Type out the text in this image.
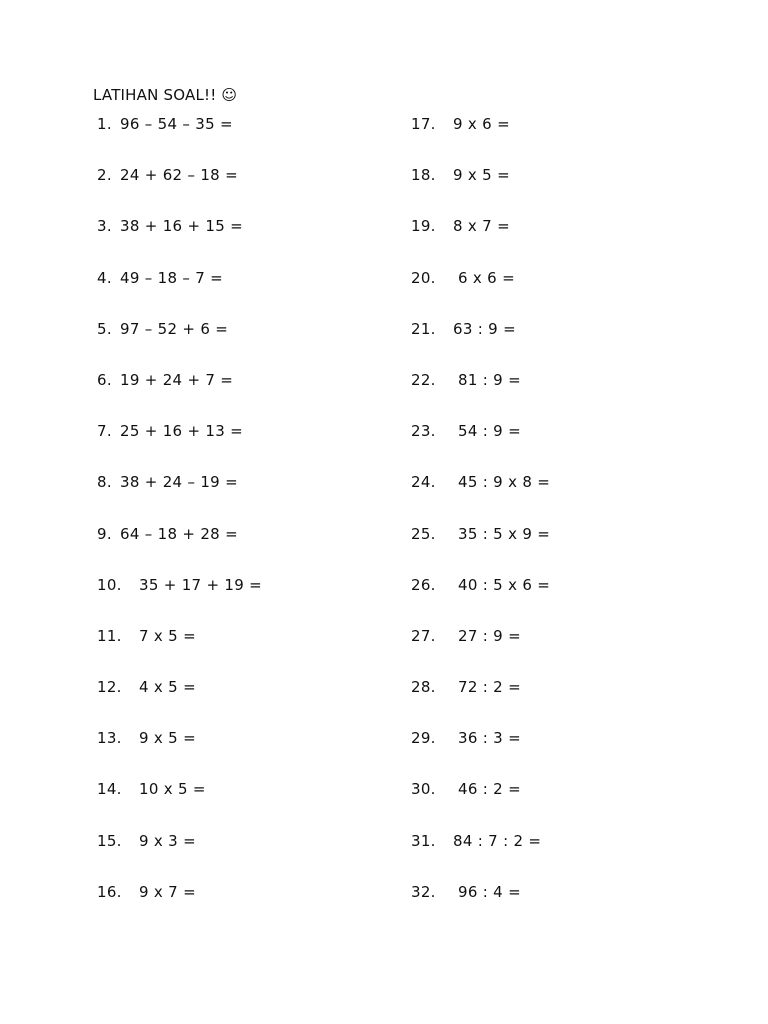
LATIHAN SOAL!! ☺
1. 96 – 54 – 35 =
2. 24 + 62 – 18 =
3. 38 + 16 + 15 =
4. 49 – 18 – 7 =
5. 97 – 52 + 6 =
6. 19 + 24 + 7 =
7. 25 + 16 + 13 =
8. 38 + 24 – 19 =
9. 64 – 18 + 28 =
10. 35 + 17 + 19 =
11. 7 x 5 =
12. 4 x 5 =
13. 9 x 5 =
14. 10 x 5 =
15. 9 x 3 =
16. 9 x 7 =
17. 9 x 6 =
18. 9 x 5 =
19. 8 x 7 =
20. 6 x 6 =
21. 63 : 9 =
22. 81 : 9 =
23. 54 : 9 =
24. 45 : 9 x 8 =
25. 35 : 5 x 9 =
26. 40 : 5 x 6 =
27. 27 : 9 =
28. 72 : 2 =
29. 36 : 3 =
30. 46 : 2 =
31. 84 : 7 : 2 =
32. 96 : 4 =
